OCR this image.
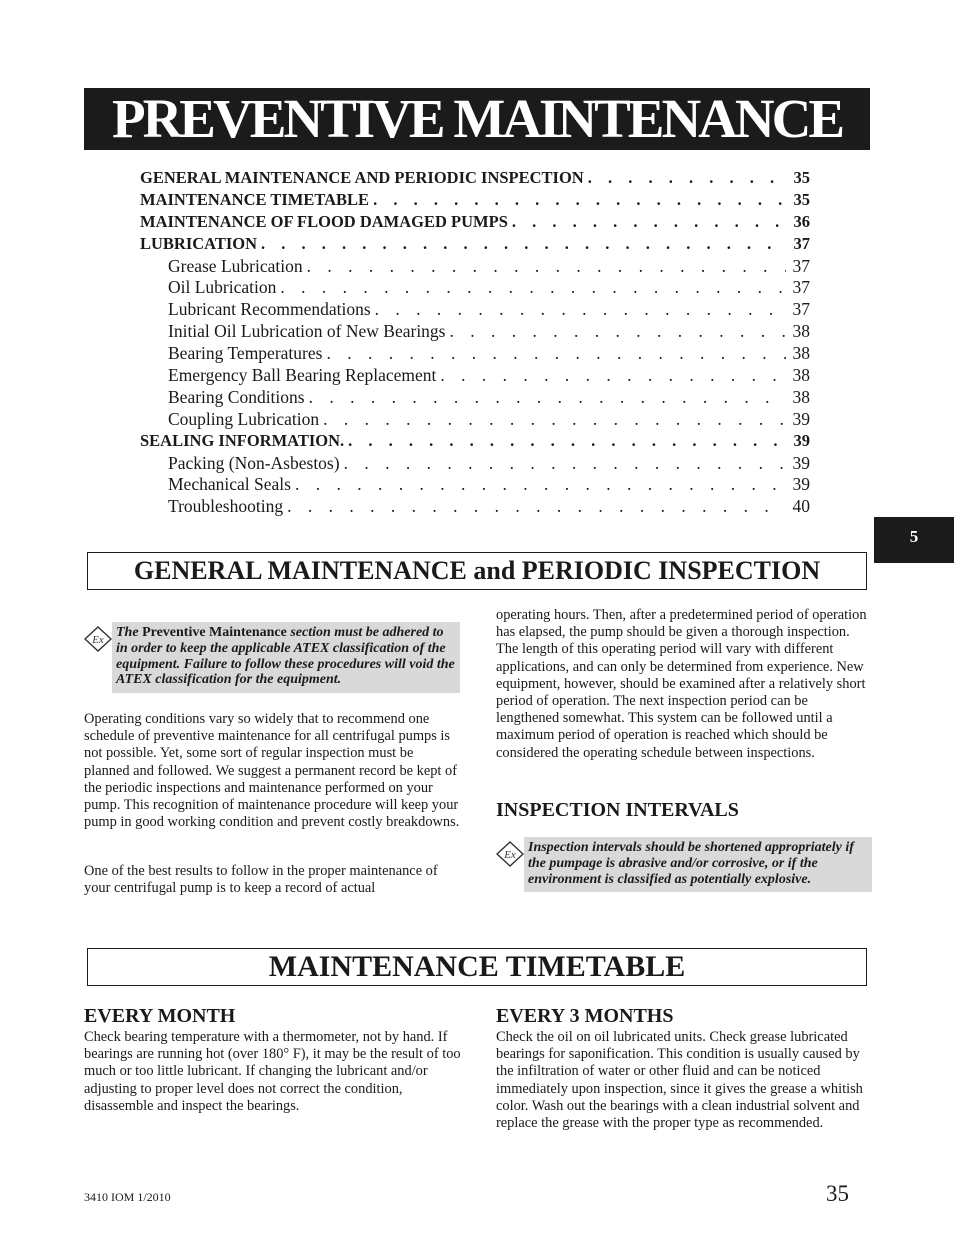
PREVENTIVE MAINTENANCE
GENERAL MAINTENANCE AND PERIODIC INSPECTION . . .	35
MAINTENANCE TIMETABLE . . .	35
MAINTENANCE OF FLOOD DAMAGED PUMPS . . .	36
LUBRICATION . . .	37
Grease Lubrication . . .	37
Oil Lubrication . . .	37
Lubricant Recommendations . . .	37
Initial Oil Lubrication of New Bearings . . .	38
Bearing Temperatures . . .	38
Emergency Ball Bearing Replacement . . .	38
Bearing Conditions . . .	38
Coupling Lubrication . . .	39
SEALING INFORMATION. . . .	39
Packing (Non-Asbestos) . . .	39
Mechanical Seals . . .	39
Troubleshooting . . .	40
5
GENERAL MAINTENANCE and PERIODIC INSPECTION
Ex The Preventive Maintenance section must be adhered to in order to keep the applicable ATEX classification of the equipment. Failure to follow these procedures will void the ATEX classification for the equipment.

Operating conditions vary so widely that to recommend one schedule of preventive maintenance for all centrifugal pumps is not possible. Yet, some sort of regular inspection must be planned and followed. We suggest a permanent record be kept of the periodic inspections and maintenance performed on your pump. This recognition of maintenance procedure will keep your pump in good working condition and prevent costly breakdowns.

One of the best results to follow in the proper maintenance of your centrifugal pump is to keep a record of actual

operating hours. Then, after a predetermined period of operation has elapsed, the pump should be given a thorough inspection. The length of this operating period will vary with different applications, and can only be determined from experience. New equipment, however, should be examined after a relatively short period of operation. The next inspection period can be lengthened somewhat. This system can be followed until a maximum period of operation is reached which should be considered the operating schedule between inspections.

INSPECTION INTERVALS
Ex Inspection intervals should be shortened appropriately if the pumpage is abrasive and/or corrosive, or if the environment is classified as potentially explosive.
MAINTENANCE TIMETABLE
EVERY MONTH

Check bearing temperature with a thermometer, not by hand. If bearings are running hot (over 180° F), it may be the result of too much or too little lubricant. If changing the lubricant and/or adjusting to proper level does not correct the condition, disassemble and inspect the bearings.

EVERY 3 MONTHS

Check the oil on oil lubricated units. Check grease lubricated bearings for saponification. This condition is usually caused by the infiltration of water or other fluid and can be noticed immediately upon inspection, since it gives the grease a whitish color. Wash out the bearings with a clean industrial solvent and replace the grease with the proper type as recommended.

3410 IOM 1/2010	35
